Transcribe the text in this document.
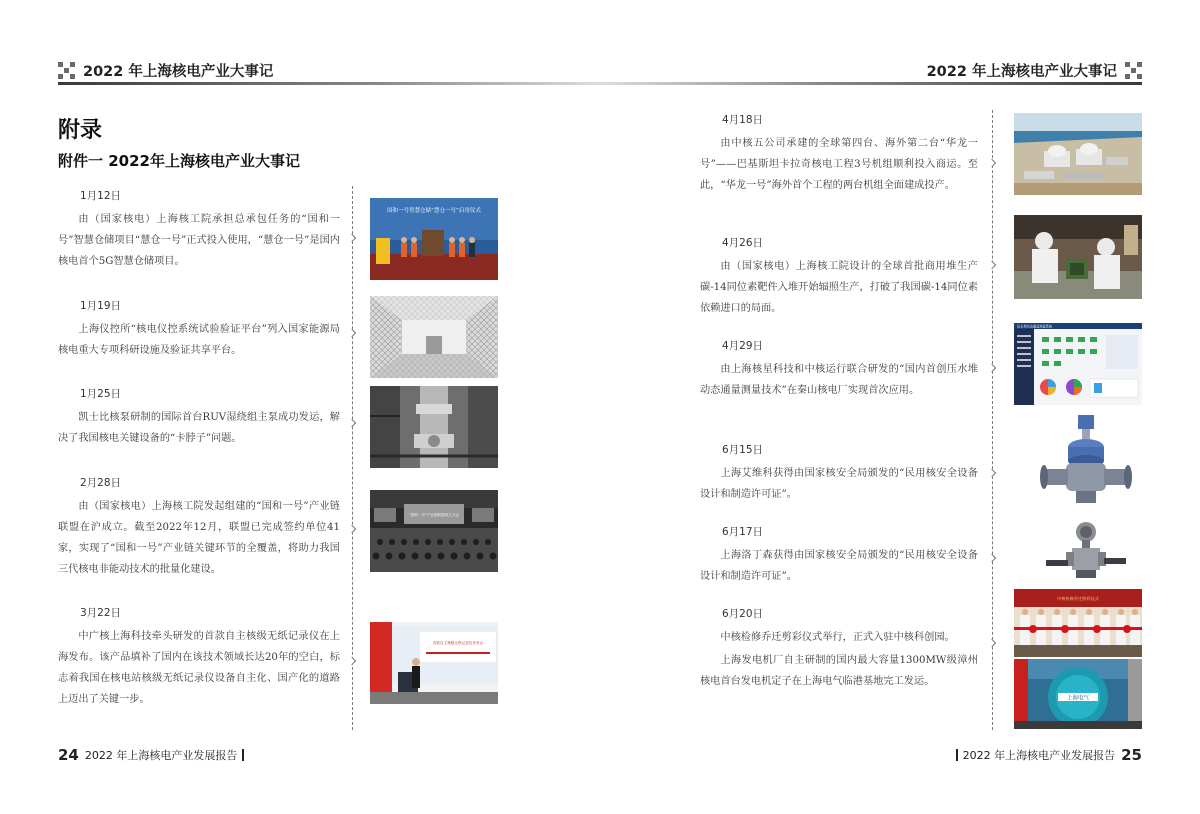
2022 年上海核电产业大事记
附录
附件一 2022年上海核电产业大事记
1月12日
由（国家核电）上海核工院承担总承包任务的“国和一号”智慧仓储项目“慧仓一号”正式投入使用，“慧仓一号”是国内核电首个5G智慧仓储项目。
1月19日
上海仪控所“核电仪控系统试验验证平台”列入国家能源局核电重大专项科研设施及验证共享平台。
1月25日
凯士比核泵研制的国际首台RUV湿绕组主泵成功发运，解决了我国核电关键设备的“卡脖子”问题。
2月28日
由（国家核电）上海核工院发起组建的“国和一号”产业链联盟在沪成立。截至2022年12月，联盟已完成签约单位41家，实现了“国和一号”产业链关键环节的全覆盖，将助力我国三代核电非能动技术的批量化建设。
3月22日
中广核上海科技牵头研发的首款自主核级无纸记录仪在上海发布。该产品填补了国内在该技术领域长达20年的空白，标志着我国在核电站核级无纸记录仪设备自主化、国产化的道路上迈出了关键一步。
国和一号智慧仓储“慧仓一号”启用仪式
“国和一号”产业链联盟成立大会
首款自主核级无纸记录仪发布会
24 2022 年上海核电产业发展报告
2022 年上海核电产业大事记
4月18日
由中核五公司承建的全球第四台、海外第二台“华龙一号”——巴基斯坦卡拉奇核电工程3号机组顺利投入商运。至此，“华龙一号”海外首个工程的两台机组全面建成投产。
4月26日
由（国家核电）上海核工院设计的全球首批商用堆生产碳-14同位素靶件入堆开始辐照生产，打破了我国碳-14同位素依赖进口的局面。
4月29日
由上海核星科技和中核运行联合研发的“国内首创压水堆动态通量测量技术”在秦山核电厂实现首次应用。
6月15日
上海艾维科获得由国家核安全局颁发的“民用核安全设备设计和制造许可证”。
6月17日
上海洛丁森获得由国家核安全局颁发的“民用核安全设备设计和制造许可证”。
6月20日
中核检修乔迁剪彩仪式举行，正式入驻中核科创园。
上海发电机厂自主研制的国内最大容量1300MW级漳州核电首台发电机定子在上海电气临港基地完工发运。
压水堆动态通量测量系统
中核检修乔迁剪彩仪式
上海电气
2022 年上海核电产业发展报告 25
